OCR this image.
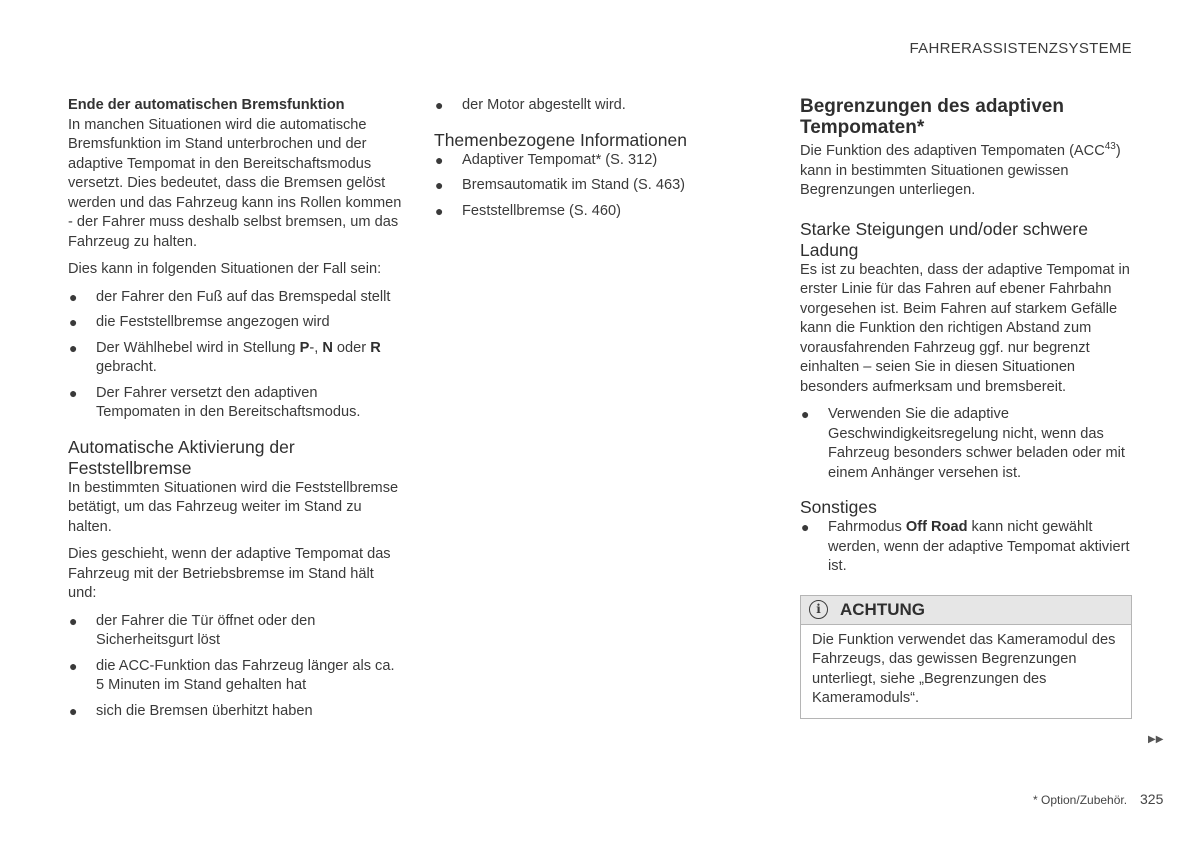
FAHRERASSISTENZSYSTEME

Ende der automatischen Bremsfunktion

In manchen Situationen wird die automatische Bremsfunktion im Stand unterbrochen und der adaptive Tempomat in den Bereitschaftsmodus versetzt. Dies bedeutet, dass die Bremsen gelöst werden und das Fahrzeug kann ins Rollen kommen - der Fahrer muss deshalb selbst bremsen, um das Fahrzeug zu halten.

Dies kann in folgenden Situationen der Fall sein:

● der Fahrer den Fuß auf das Bremspedal stellt
● die Feststellbremse angezogen wird
● Der Wählhebel wird in Stellung P-, N oder R gebracht.
● Der Fahrer versetzt den adaptiven Tempomaten in den Bereitschaftsmodus.

Automatische Aktivierung der Feststellbremse

In bestimmten Situationen wird die Feststellbremse betätigt, um das Fahrzeug weiter im Stand zu halten.

Dies geschieht, wenn der adaptive Tempomat das Fahrzeug mit der Betriebsbremse im Stand hält und:

● der Fahrer die Tür öffnet oder den Sicherheitsgurt löst
● die ACC-Funktion das Fahrzeug länger als ca. 5 Minuten im Stand gehalten hat
● sich die Bremsen überhitzt haben
● der Motor abgestellt wird.

Themenbezogene Informationen

● Adaptiver Tempomat* (S. 312)
● Bremsautomatik im Stand (S. 463)
● Feststellbremse (S. 460)

Begrenzungen des adaptiven Tempomaten*

Die Funktion des adaptiven Tempomaten (ACC$^{43}$) kann in bestimmten Situationen gewissen Begrenzungen unterliegen.

Starke Steigungen und/oder schwere Ladung

Es ist zu beachten, dass der adaptive Tempomat in erster Linie für das Fahren auf ebener Fahrbahn vorgesehen ist. Beim Fahren auf starkem Gefälle kann die Funktion den richtigen Abstand zum vorausfahrenden Fahrzeug ggf. nur begrenzt einhalten – seien Sie in diesen Situationen besonders aufmerksam und bremsbereit.

● Verwenden Sie die adaptive Geschwindigkeitsregelung nicht, wenn das Fahrzeug besonders schwer beladen oder mit einem Anhänger versehen ist.

Sonstiges

● Fahrmodus Off Road kann nicht gewählt werden, wenn der adaptive Tempomat aktiviert ist.
i	ACHTUNG
Die Funktion verwendet das Kameramodul des Fahrzeugs, das gewissen Begrenzungen unterliegt, siehe „Begrenzungen des Kameramoduls“.
▶▶
* Option/Zubehör. 325
